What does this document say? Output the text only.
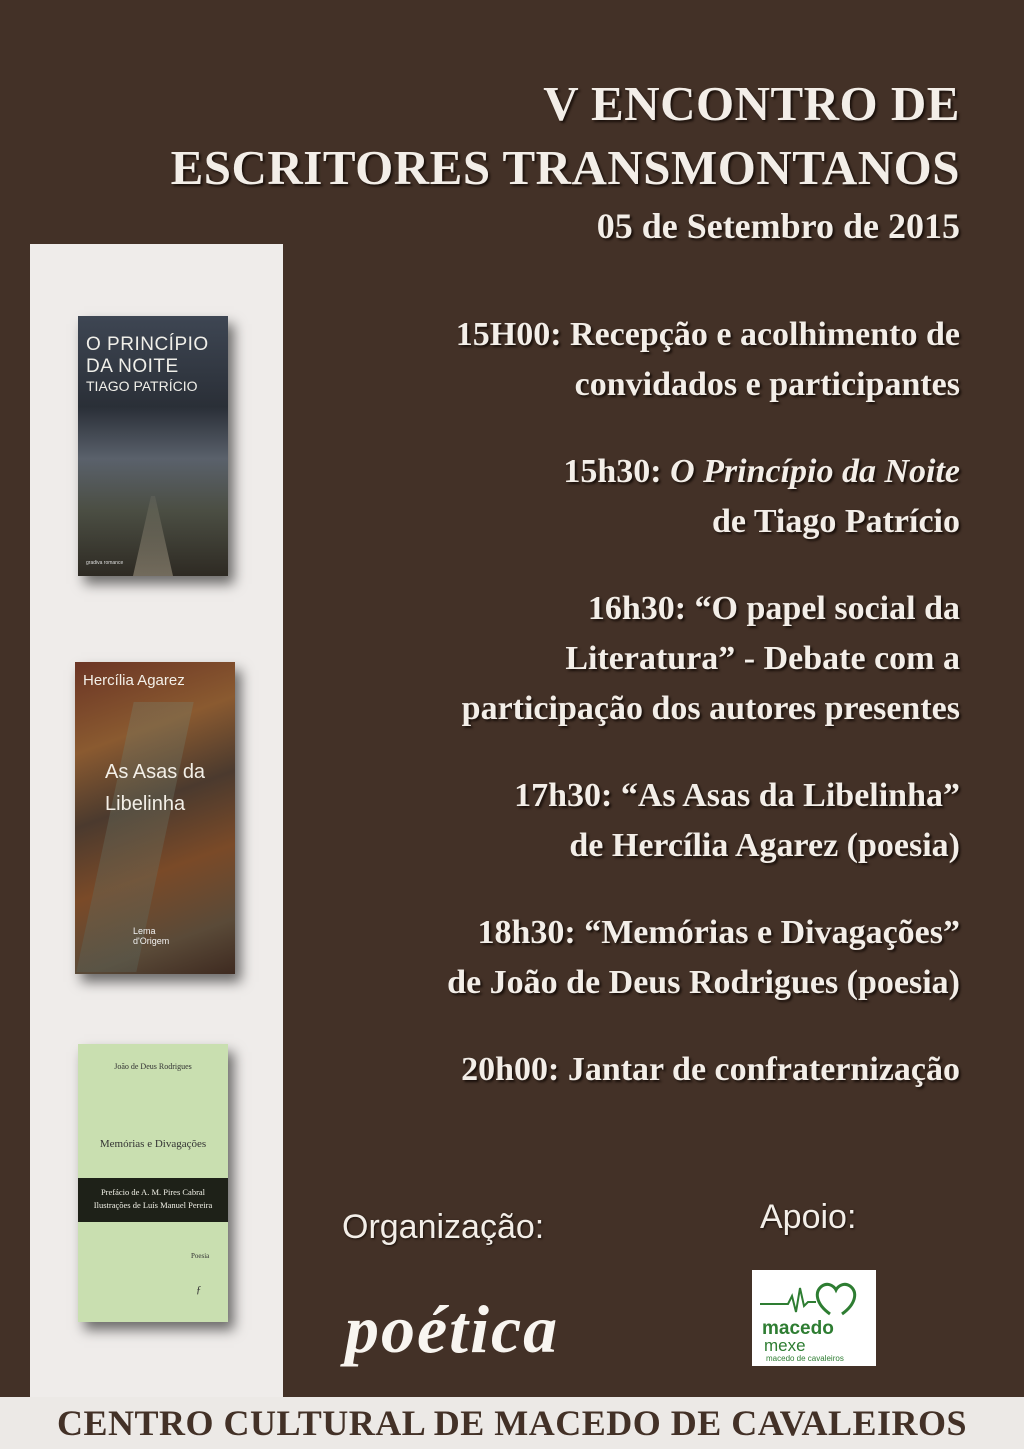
V ENCONTRO DE
ESCRITORES TRANSMONTANOS
05 de Setembro de 2015
15H00: Recepção e acolhimento de
convidados e participantes
15h30: O Princípio da Noite
de Tiago Patrício
16h30: “O papel social da
Literatura” - Debate com a
participação dos autores presentes
17h30: “As Asas da Libelinha”
de Hercília Agarez (poesia)
18h30: “Memórias e Divagações”
de João de Deus Rodrigues (poesia)
20h00: Jantar de confraternização
O PRINCÍPIO
DA NOITE
TIAGO PATRÍCIO
gradiva romance
Hercília Agarez
As Asas da
Libelinha
Lema
d'Origem
João de Deus Rodrigues
Memórias e Divagações
Prefácio de A. M. Pires Cabral
Ilustrações de Luís Manuel Pereira
Poesia
ƒ
Organização:	Apoio:
poética	macedo
mexe
macedo de cavaleiros
CENTRO CULTURAL DE MACEDO DE CAVALEIROS
